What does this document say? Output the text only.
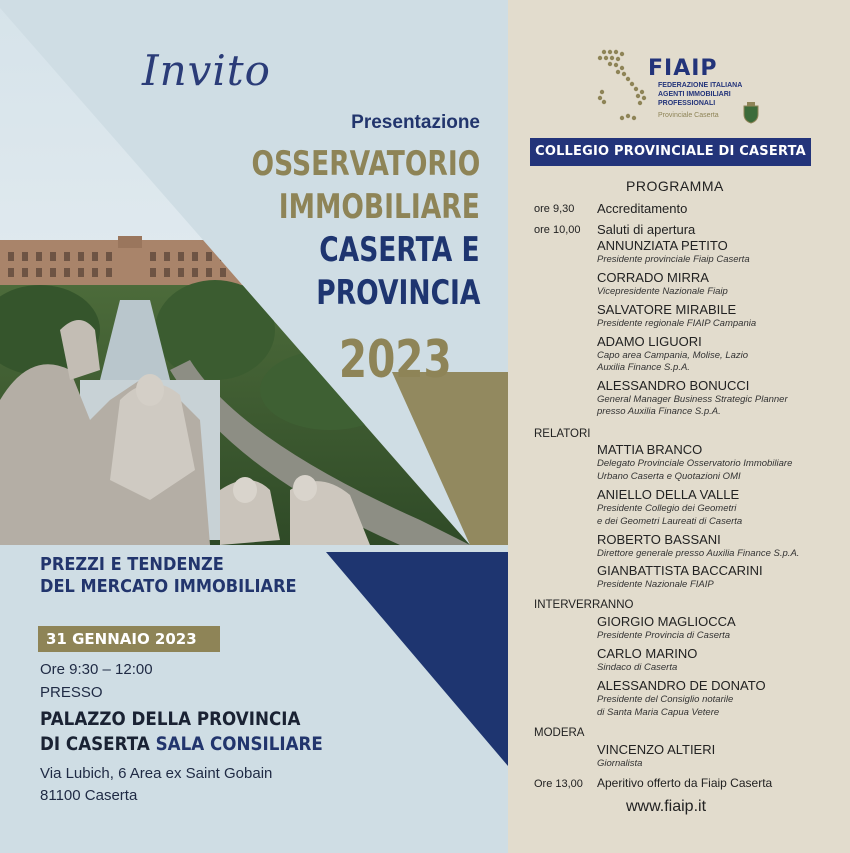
Invito
Presentazione
OSSERVATORIO
IMMOBILIARE
CASERTA E
PROVINCIA
2023
PREZZI E TENDENZE
DEL MERCATO IMMOBILIARE
31 GENNAIO 2023
Ore 9:30 – 12:00
PRESSO
PALAZZO DELLA PROVINCIA
DI CASERTA SALA CONSILIARE
Via Lubich, 6 Area ex Saint Gobain
81100 Caserta
FIAIP
FEDERAZIONE ITALIANA
AGENTI IMMOBILIARI
PROFESSIONALI
Provinciale Caserta
COLLEGIO PROVINCIALE DI CASERTA
PROGRAMMA
ore 9,30 Accreditamento
ore 10,00 Saluti di apertura
ANNUNZIATA PETITO
Presidente provinciale Fiaip Caserta
CORRADO MIRRA
Vicepresidente Nazionale Fiaip
SALVATORE MIRABILE
Presidente regionale FIAIP Campania
ADAMO LIGUORI
Capo area Campania, Molise, Lazio
Auxilia Finance S.p.A.
ALESSANDRO BONUCCI
General Manager Business Strategic Planner
presso Auxilia Finance S.p.A.
RELATORI
MATTIA BRANCO
Delegato Provinciale Osservatorio Immobiliare
Urbano Caserta e Quotazioni OMI
ANIELLO DELLA VALLE
Presidente Collegio dei Geometri
e dei Geometri Laureati di Caserta
ROBERTO BASSANI
Direttore generale presso Auxilia Finance S.p.A.
GIANBATTISTA BACCARINI
Presidente Nazionale FIAIP
INTERVERRANNO
GIORGIO MAGLIOCCA
Presidente Provincia di Caserta
CARLO MARINO
Sindaco di Caserta
ALESSANDRO DE DONATO
Presidente del Consiglio notarile
di Santa Maria Capua Vetere
MODERA
VINCENZO ALTIERI
Giornalista
Ore 13,00 Aperitivo offerto da Fiaip Caserta
www.fiaip.it
